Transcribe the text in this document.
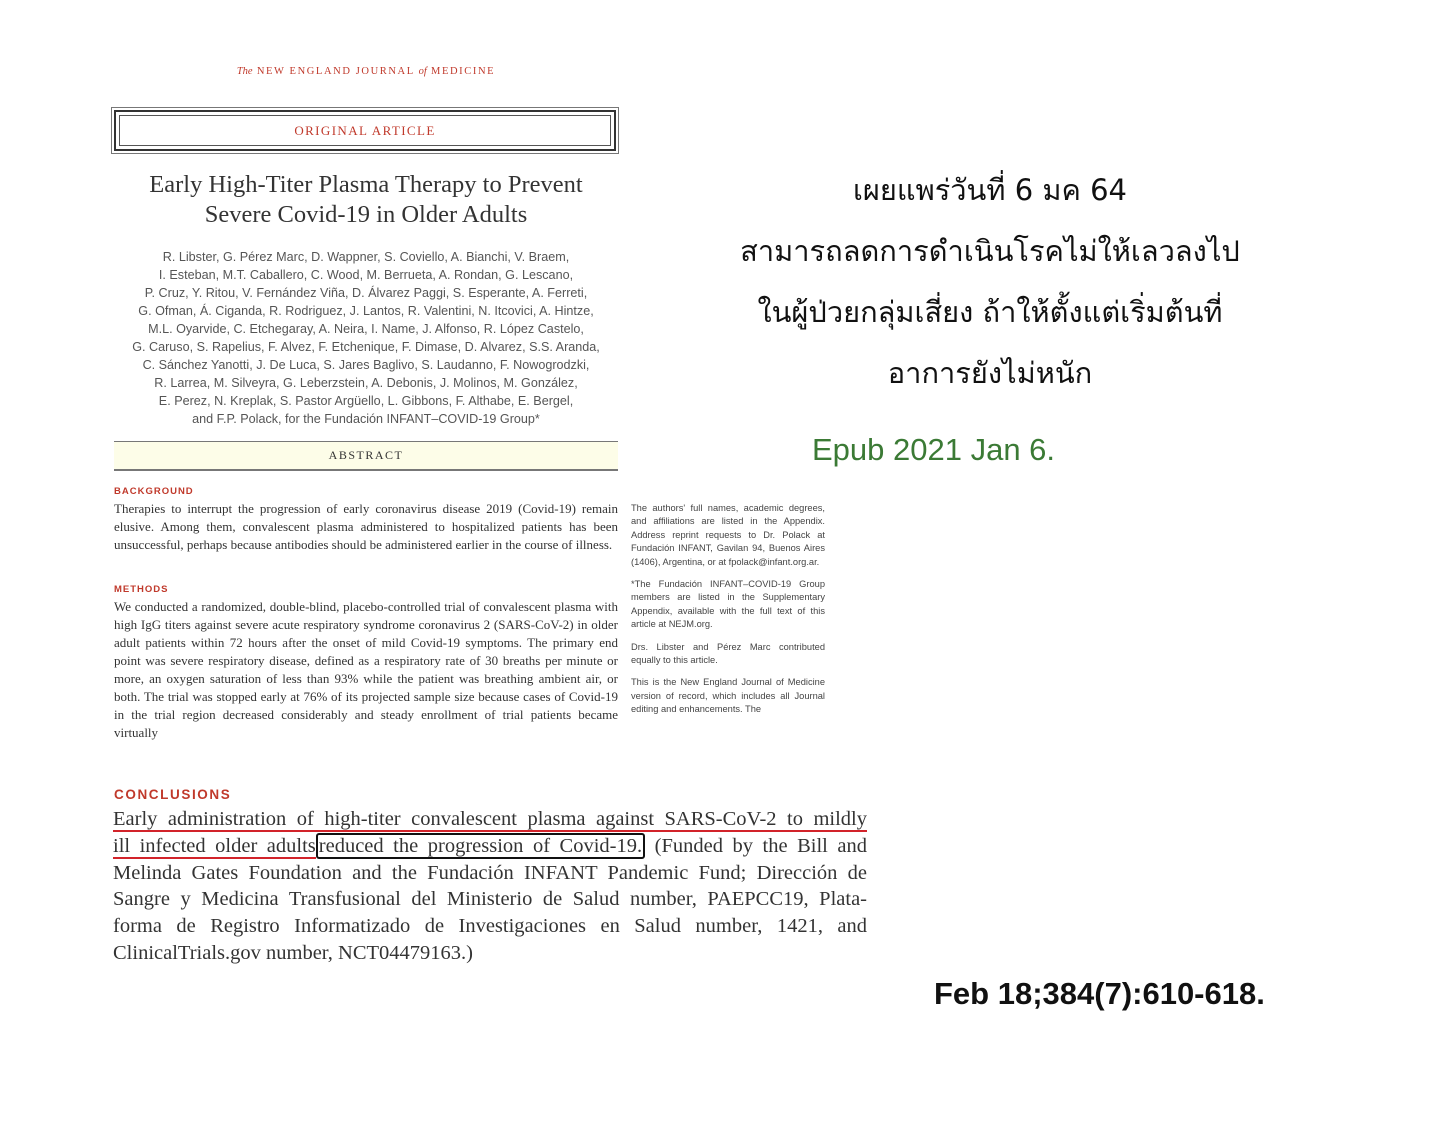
The NEW ENGLAND JOURNAL of MEDICINE
ORIGINAL ARTICLE
Early High-Titer Plasma Therapy to Prevent
Severe Covid-19 in Older Adults
R. Libster, G. Pérez Marc, D. Wappner, S. Coviello, A. Bianchi, V. Braem,
I. Esteban, M.T. Caballero, C. Wood, M. Berrueta, A. Rondan, G. Lescano,
P. Cruz, Y. Ritou, V. Fernández Viña, D. Álvarez Paggi, S. Esperante, A. Ferreti,
G. Ofman, Á. Ciganda, R. Rodriguez, J. Lantos, R. Valentini, N. Itcovici, A. Hintze,
M.L. Oyarvide, C. Etchegaray, A. Neira, I. Name, J. Alfonso, R. López Castelo,
G. Caruso, S. Rapelius, F. Alvez, F. Etchenique, F. Dimase, D. Alvarez, S.S. Aranda,
C. Sánchez Yanotti, J. De Luca, S. Jares Baglivo, S. Laudanno, F. Nowogrodzki,
R. Larrea, M. Silveyra, G. Leberzstein, A. Debonis, J. Molinos, M. González,
E. Perez, N. Kreplak, S. Pastor Argüello, L. Gibbons, F. Althabe, E. Bergel,
and F.P. Polack, for the Fundación INFANT–COVID-19 Group*
ABSTRACT
BACKGROUND
Therapies to interrupt the progression of early coronavirus disease 2019 (Covid-19) remain elusive. Among them, convalescent plasma administered to hospitalized patients has been unsuccessful, perhaps because antibodies should be administered earlier in the course of illness.
METHODS
We conducted a randomized, double-blind, placebo-controlled trial of convalescent plasma with high IgG titers against severe acute respiratory syndrome coronavirus 2 (SARS-CoV-2) in older adult patients within 72 hours after the onset of mild Covid-19 symptoms. The primary end point was severe respiratory disease, defined as a respiratory rate of 30 breaths per minute or more, an oxygen saturation of less than 93% while the patient was breathing ambient air, or both. The trial was stopped early at 76% of its projected sample size because cases of Covid-19 in the trial region decreased considerably and steady enrollment of trial patients became virtually

The authors' full names, academic degrees, and affiliations are listed in the Appendix. Address reprint requests to Dr. Polack at Fundación INFANT, Gavilan 94, Buenos Aires (1406), Argentina, or at fpolack@infant.org.ar.

*The Fundación INFANT–COVID-19 Group members are listed in the Supplementary Appendix, available with the full text of this article at NEJM.org.

Drs. Libster and Pérez Marc contributed equally to this article.

This is the New England Journal of Medicine version of record, which includes all Journal editing and enhancements. The

CONCLUSIONS
Early administration of high-titer convalescent plasma against SARS-CoV-2 to mildly
ill infected older adults reduced the progression of Covid-19. (Funded by the Bill and
Melinda Gates Foundation and the Fundación INFANT Pandemic Fund; Dirección de
Sangre y Medicina Transfusional del Ministerio de Salud number, PAEPCC19, Plata-
forma de Registro Informatizado de Investigaciones en Salud number, 1421, and
ClinicalTrials.gov number, NCT04479163.)
เผยแพร่วันที่ 6 มค 64
สามารถลดการดำเนินโรคไม่ให้เลวลงไป
ในผู้ป่วยกลุ่มเสี่ยง ถ้าให้ตั้งแต่เริ่มต้นที่
อาการยังไม่หนัก
Epub 2021 Jan 6.
Feb 18;384(7):610-618.
